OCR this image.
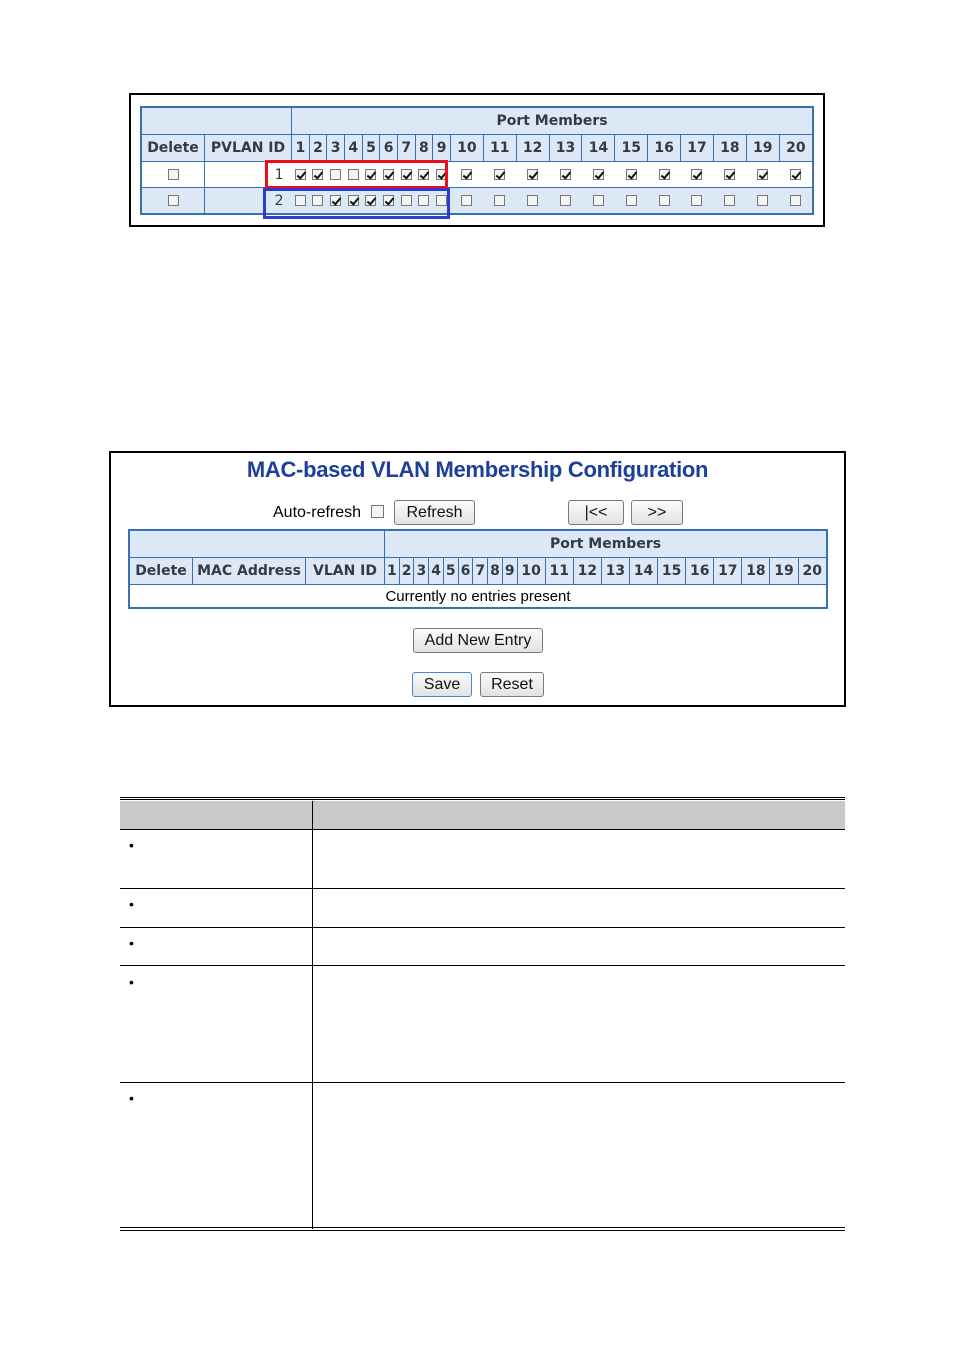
		Port Members																			
Delete	PVLAN ID	1	2	3	4	5	6	7	8	9	10	11	12	13	14	15	16	17	18	19	20
	1																				
	2																				
MAC-based VLAN Membership Configuration
Auto-refresh	Refresh	|<<	>>
			Port Members																			
Delete	MAC Address	VLAN ID	1	2	3	4	5	6	7	8	9	10	11	12	13	14	15	16	17	18	19	20
Currently no entries present																						
Add New Entry
Save	Reset
•
•
•
•
•
